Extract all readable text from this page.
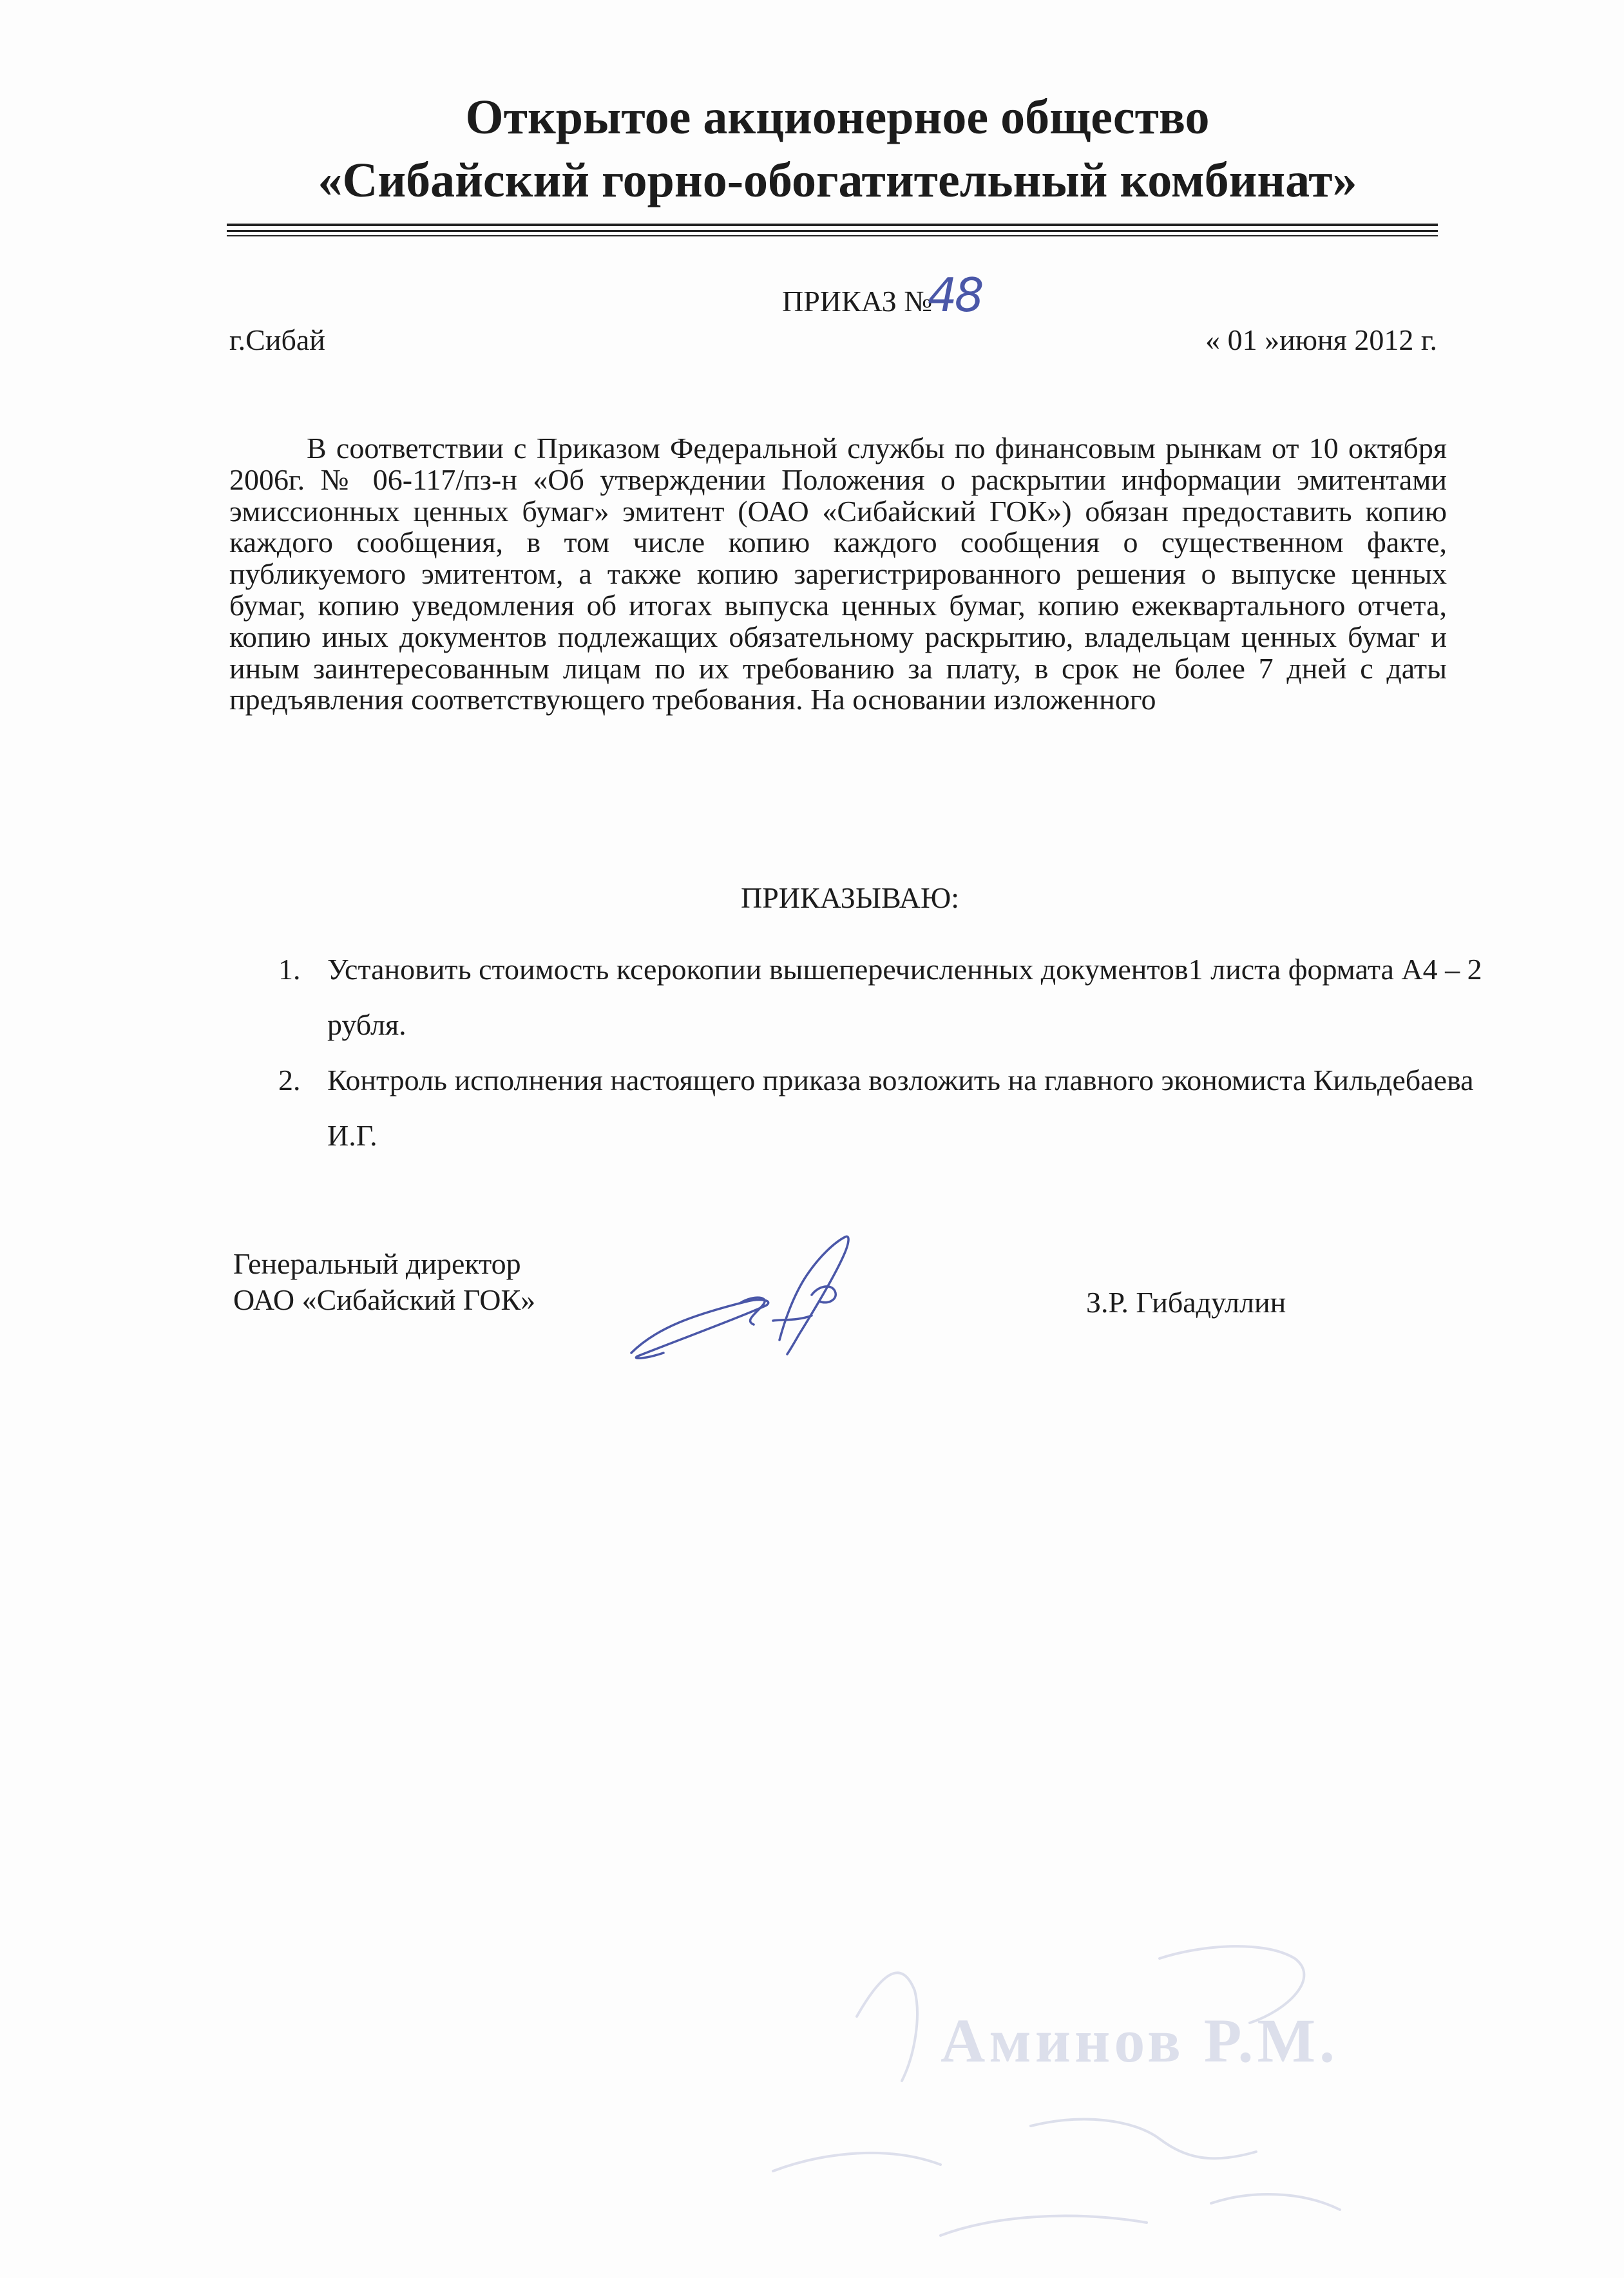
Открытое акционерное общество
«Сибайский горно-обогатительный комбинат»
ПРИКАЗ №
48
г.Сибай	« 01 »июня 2012 г.

В соответствии с Приказом Федеральной службы по финансовым рынкам от 10 октября 2006г. № 06-117/пз-н «Об утверждении Положения о раскрытии информации эмитентами эмиссионных ценных бумаг» эмитент (ОАО «Сибайский ГОК») обязан предоставить копию каждого сообщения, в том числе копию каждого сообщения о существенном факте, публикуемого эмитентом, а также копию зарегистрированного решения о выпуске ценных бумаг, копию уведомления об итогах выпуска ценных бумаг, копию ежеквартального отчета, копию иных документов подлежащих обязательному раскрытию, владельцам ценных бумаг и иным заинтересованным лицам по их требованию за плату, в срок не более 7 дней с даты предъявления соответствующего требования. На основании изложенного

ПРИКАЗЫВАЮ:
1. Установить стоимость ксерокопии вышеперечисленных документов1 листа формата А4 – 2 рубля.
2. Контроль исполнения настоящего приказа возложить на главного экономиста Кильдебаева И.Г.
Генеральный директор
ОАО «Сибайский ГОК»	З.Р. Гибадуллин
Аминов Р.М.
